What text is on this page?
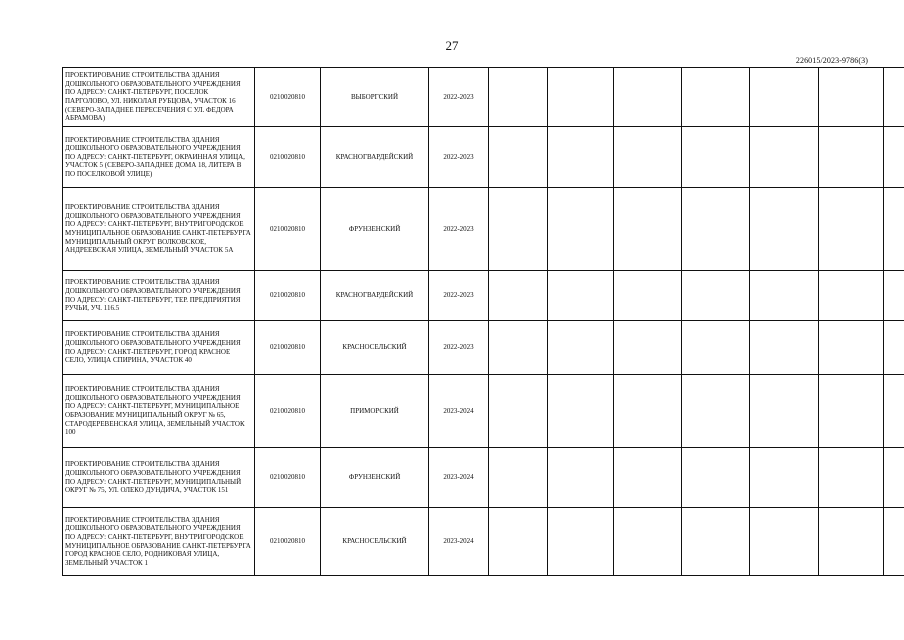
27
226015/2023-9786(3)
ПРОЕКТИРОВАНИЕ СТРОИТЕЛЬСТВА ЗДАНИЯ ДОШКОЛЬНОГО ОБРАЗОВАТЕЛЬНОГО УЧРЕЖДЕНИЯ ПО АДРЕСУ: САНКТ-ПЕТЕРБУРГ, ПОСЕЛОК ПАРГОЛОВО, УЛ. НИКОЛАЯ РУБЦОВА, УЧАСТОК 16 (СЕВЕРО-ЗАПАДНЕЕ ПЕРЕСЕЧЕНИЯ С УЛ. ФЕДОРА АБРАМОВА)	0210020810	ВЫБОРГСКИЙ	2022-2023							
ПРОЕКТИРОВАНИЕ СТРОИТЕЛЬСТВА ЗДАНИЯ ДОШКОЛЬНОГО ОБРАЗОВАТЕЛЬНОГО УЧРЕЖДЕНИЯ ПО АДРЕСУ: САНКТ-ПЕТЕРБУРГ, ОКРАИННАЯ УЛИЦА, УЧАСТОК 5 (СЕВЕРО-ЗАПАДНЕЕ ДОМА 18, ЛИТЕРА В ПО ПОСЕЛКОВОЙ УЛИЦЕ)	0210020810	КРАСНОГВАРДЕЙСКИЙ	2022-2023							
ПРОЕКТИРОВАНИЕ СТРОИТЕЛЬСТВА ЗДАНИЯ ДОШКОЛЬНОГО ОБРАЗОВАТЕЛЬНОГО УЧРЕЖДЕНИЯ ПО АДРЕСУ: САНКТ-ПЕТЕРБУРГ, ВНУТРИГОРОДСКОЕ МУНИЦИПАЛЬНОЕ ОБРАЗОВАНИЕ САНКТ-ПЕТЕРБУРГА МУНИЦИПАЛЬНЫЙ ОКРУГ ВОЛКОВСКОЕ, АНДРЕЕВСКАЯ УЛИЦА, ЗЕМЕЛЬНЫЙ УЧАСТОК 5А	0210020810	ФРУНЗЕНСКИЙ	2022-2023							
ПРОЕКТИРОВАНИЕ СТРОИТЕЛЬСТВА ЗДАНИЯ ДОШКОЛЬНОГО ОБРАЗОВАТЕЛЬНОГО УЧРЕЖДЕНИЯ ПО АДРЕСУ: САНКТ-ПЕТЕРБУРГ, ТЕР. ПРЕДПРИЯТИЯ РУЧЬИ, УЧ. 116.5	0210020810	КРАСНОГВАРДЕЙСКИЙ	2022-2023							
ПРОЕКТИРОВАНИЕ СТРОИТЕЛЬСТВА ЗДАНИЯ ДОШКОЛЬНОГО ОБРАЗОВАТЕЛЬНОГО УЧРЕЖДЕНИЯ ПО АДРЕСУ: САНКТ-ПЕТЕРБУРГ, ГОРОД КРАСНОЕ СЕЛО, УЛИЦА СПИРИНА, УЧАСТОК 40	0210020810	КРАСНОСЕЛЬСКИЙ	2022-2023							
ПРОЕКТИРОВАНИЕ СТРОИТЕЛЬСТВА ЗДАНИЯ ДОШКОЛЬНОГО ОБРАЗОВАТЕЛЬНОГО УЧРЕЖДЕНИЯ ПО АДРЕСУ: САНКТ-ПЕТЕРБУРГ, МУНИЦИПАЛЬНОЕ ОБРАЗОВАНИЕ МУНИЦИПАЛЬНЫЙ ОКРУГ № 65, СТАРОДЕРЕВЕНСКАЯ УЛИЦА, ЗЕМЕЛЬНЫЙ УЧАСТОК 100	0210020810	ПРИМОРСКИЙ	2023-2024							
ПРОЕКТИРОВАНИЕ СТРОИТЕЛЬСТВА ЗДАНИЯ ДОШКОЛЬНОГО ОБРАЗОВАТЕЛЬНОГО УЧРЕЖДЕНИЯ ПО АДРЕСУ: САНКТ-ПЕТЕРБУРГ, МУНИЦИПАЛЬНЫЙ ОКРУГ № 75, УЛ. ОЛЕКО ДУНДИЧА, УЧАСТОК 151	0210020810	ФРУНЗЕНСКИЙ	2023-2024							
ПРОЕКТИРОВАНИЕ СТРОИТЕЛЬСТВА ЗДАНИЯ ДОШКОЛЬНОГО ОБРАЗОВАТЕЛЬНОГО УЧРЕЖДЕНИЯ ПО АДРЕСУ: САНКТ-ПЕТЕРБУРГ, ВНУТРИГОРОДСКОЕ МУНИЦИПАЛЬНОЕ ОБРАЗОВАНИЕ САНКТ-ПЕТЕРБУРГА ГОРОД КРАСНОЕ СЕЛО, РОДНИКОВАЯ УЛИЦА, ЗЕМЕЛЬНЫЙ УЧАСТОК 1	0210020810	КРАСНОСЕЛЬСКИЙ	2023-2024							
